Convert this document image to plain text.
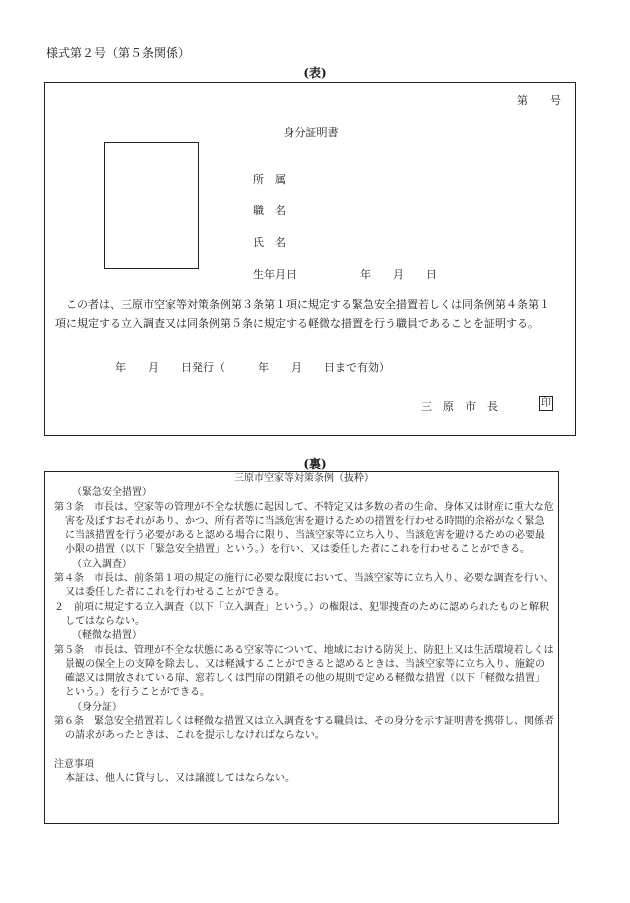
様式第２号（第５条関係）
(表)
第　　号
身分証明書
所　属
職　名
氏　名
生年月日	年　　月　　日
この者は、三原市空家等対策条例第３条第１項に規定する緊急安全措置若しくは同条例第４条第１
項に規定する立入調査又は同条例第５条に規定する軽微な措置を行う職員であることを証明する。
年　　月　　日発行（　　　年　　月　　日まで有効）
三　原　市　長	印
(裏)

三原市空家等対策条例（抜粋）

（緊急安全措置）

第３条　市長は、空家等の管理が不全な状態に起因して、不特定又は多数の者の生命、身体又は財産に重大な危害を及ぼすおそれがあり、かつ、所有者等に当該危害を避けるための措置を行わせる時間的余裕がなく緊急に当該措置を行う必要があると認める場合に限り、当該空家等に立ち入り、当該危害を避けるための必要最小限の措置（以下「緊急安全措置」という。）を行い、又は委任した者にこれを行わせることができる。

（立入調査）

第４条　市長は、前条第１項の規定の施行に必要な限度において、当該空家等に立ち入り、必要な調査を行い、又は委任した者にこれを行わせることができる。

２　前項に規定する立入調査（以下「立入調査」という。）の権限は、犯罪捜査のために認められたものと解釈してはならない。

（軽微な措置）

第５条　市長は、管理が不全な状態にある空家等について、地域における防災上、防犯上又は生活環境若しくは景観の保全上の支障を除去し、又は軽減することができると認めるときは、当該空家等に立ち入り、施錠の確認又は開放されている扉、窓若しくは門扉の閉鎖その他の規則で定める軽微な措置（以下「軽微な措置」という。）を行うことができる。

（身分証）

第６条　緊急安全措置若しくは軽微な措置又は立入調査をする職員は、その身分を示す証明書を携帯し、関係者の請求があったときは、これを提示しなければならない。

注意事項

本証は、他人に貸与し、又は譲渡してはならない。
